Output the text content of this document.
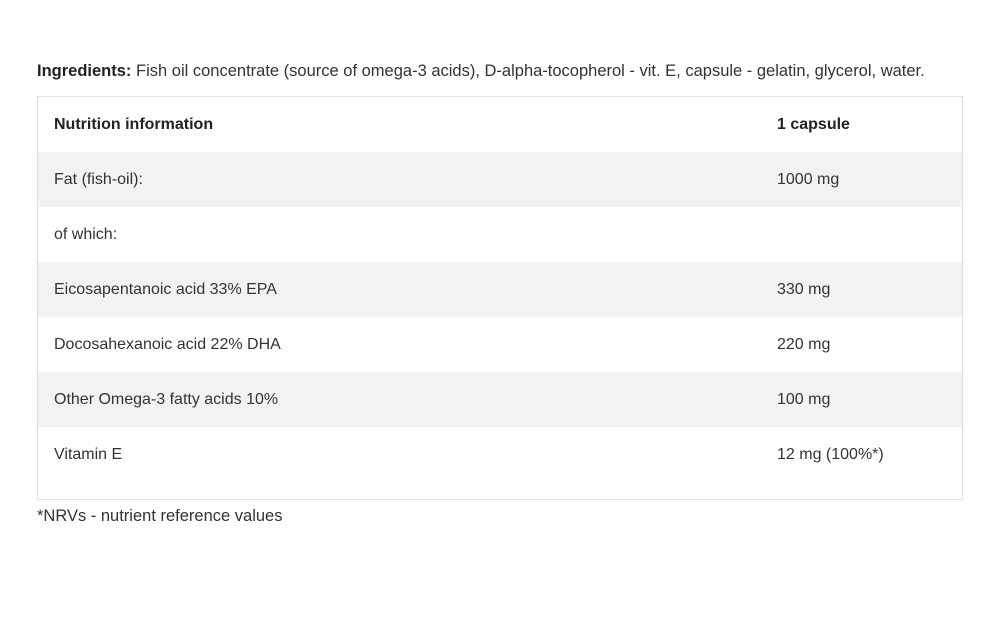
Ingredients: Fish oil concentrate (source of omega-3 acids), D-alpha-tocopherol - vit. E, capsule - gelatin, glycerol, water.
Nutrition information	1 capsule
Fat (fish-oil):	1000 mg
of which:	
Eicosapentanoic acid 33% EPA	330 mg
Docosahexanoic acid 22% DHA	220 mg
Other Omega-3 fatty acids 10%	100 mg
Vitamin E	12 mg (100%*)
*NRVs - nutrient reference values
